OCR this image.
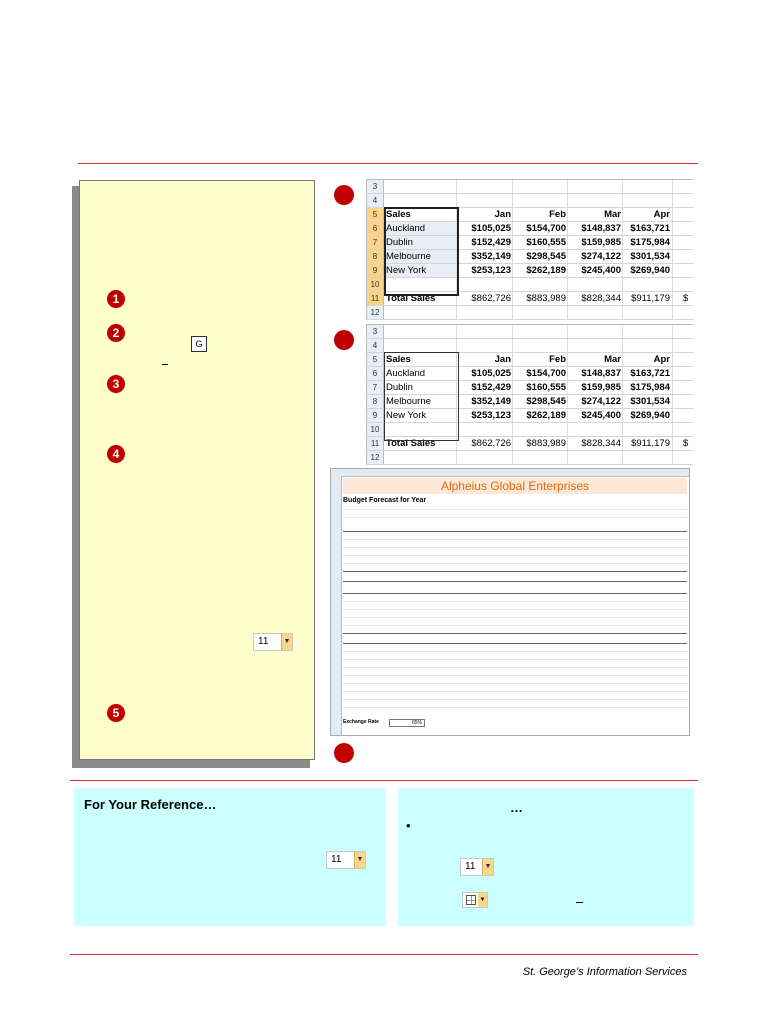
1
2
G
3
4
11	▼
5
3
4
5 Sales	Jan	Feb	Mar	Apr
6 Auckland	$105,025	$154,700	$148,837 $163,721
7 Dublin	$152,429	$160,555	$159,985 $175,984
8 Melbourne	$352,149	$298,545	$274,122 $301,534
9 New York	$253,123	$262,189	$245,400 $269,940
10
11 Total Sales	$862,726	$883,989	$828,344	$911,179 $
12
3
4
5 Sales	Jan	Feb	Mar	Apr
6 Auckland	$105,025	$154,700	$148,837 $163,721
7 Dublin	$152,429	$160,555	$159,985 $175,984
8 Melbourne	$352,149	$298,545	$274,122 $301,534
9 New York	$253,123	$262,189	$245,400 $269,940
10
11 Total Sales	$862,726	$883,989	$828,344	$911,179 $
12
Alpheius Global Enterprises
Budget Forecast for Year
Exchange Rate	65%
For Your Reference…
11	▼
…
•
11	▼
▼
St. George’s Information Services
